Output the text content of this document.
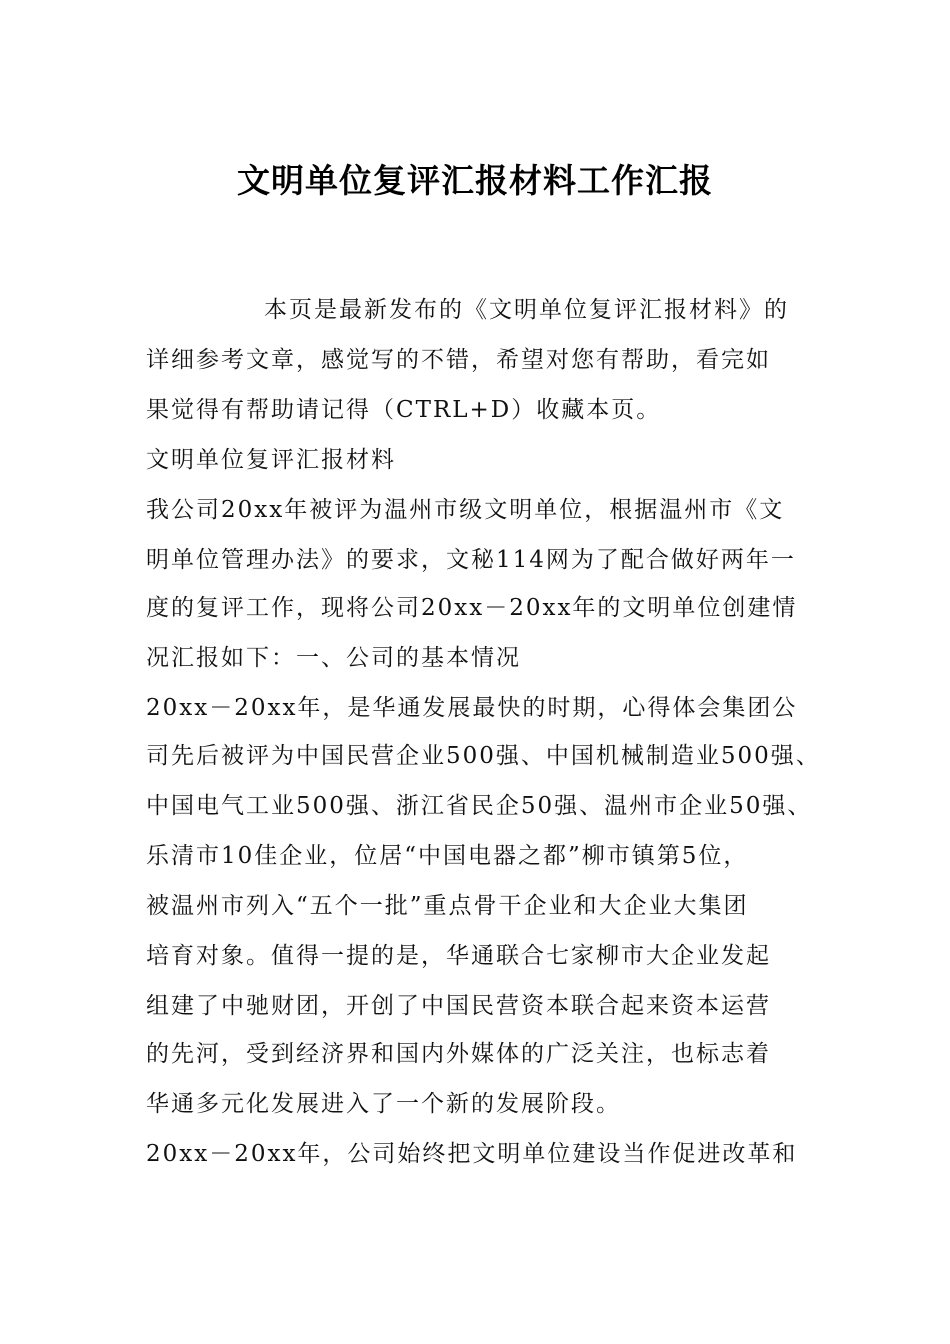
文明单位复评汇报材料工作汇报
本页是最新发布的《文明单位复评汇报材料》的
详细参考文章，感觉写的不错，希望对您有帮助，看完如
果觉得有帮助请记得（CTRL+D）收藏本页。
文明单位复评汇报材料
我公司20xx年被评为温州市级文明单位，根据温州市《文
明单位管理办法》的要求，文秘114网为了配合做好两年一
度的复评工作，现将公司20xx－20xx年的文明单位创建情
况汇报如下：一、公司的基本情况
20xx－20xx年，是华通发展最快的时期，心得体会集团公
司先后被评为中国民营企业500强、中国机械制造业500强、
中国电气工业500强、浙江省民企50强、温州市企业50强、
乐清市10佳企业，位居“中国电器之都”柳市镇第5位，
被温州市列入“五个一批”重点骨干企业和大企业大集团
培育对象。值得一提的是，华通联合七家柳市大企业发起
组建了中驰财团，开创了中国民营资本联合起来资本运营
的先河，受到经济界和国内外媒体的广泛关注，也标志着
华通多元化发展进入了一个新的发展阶段。
20xx－20xx年，公司始终把文明单位建设当作促进改革和
